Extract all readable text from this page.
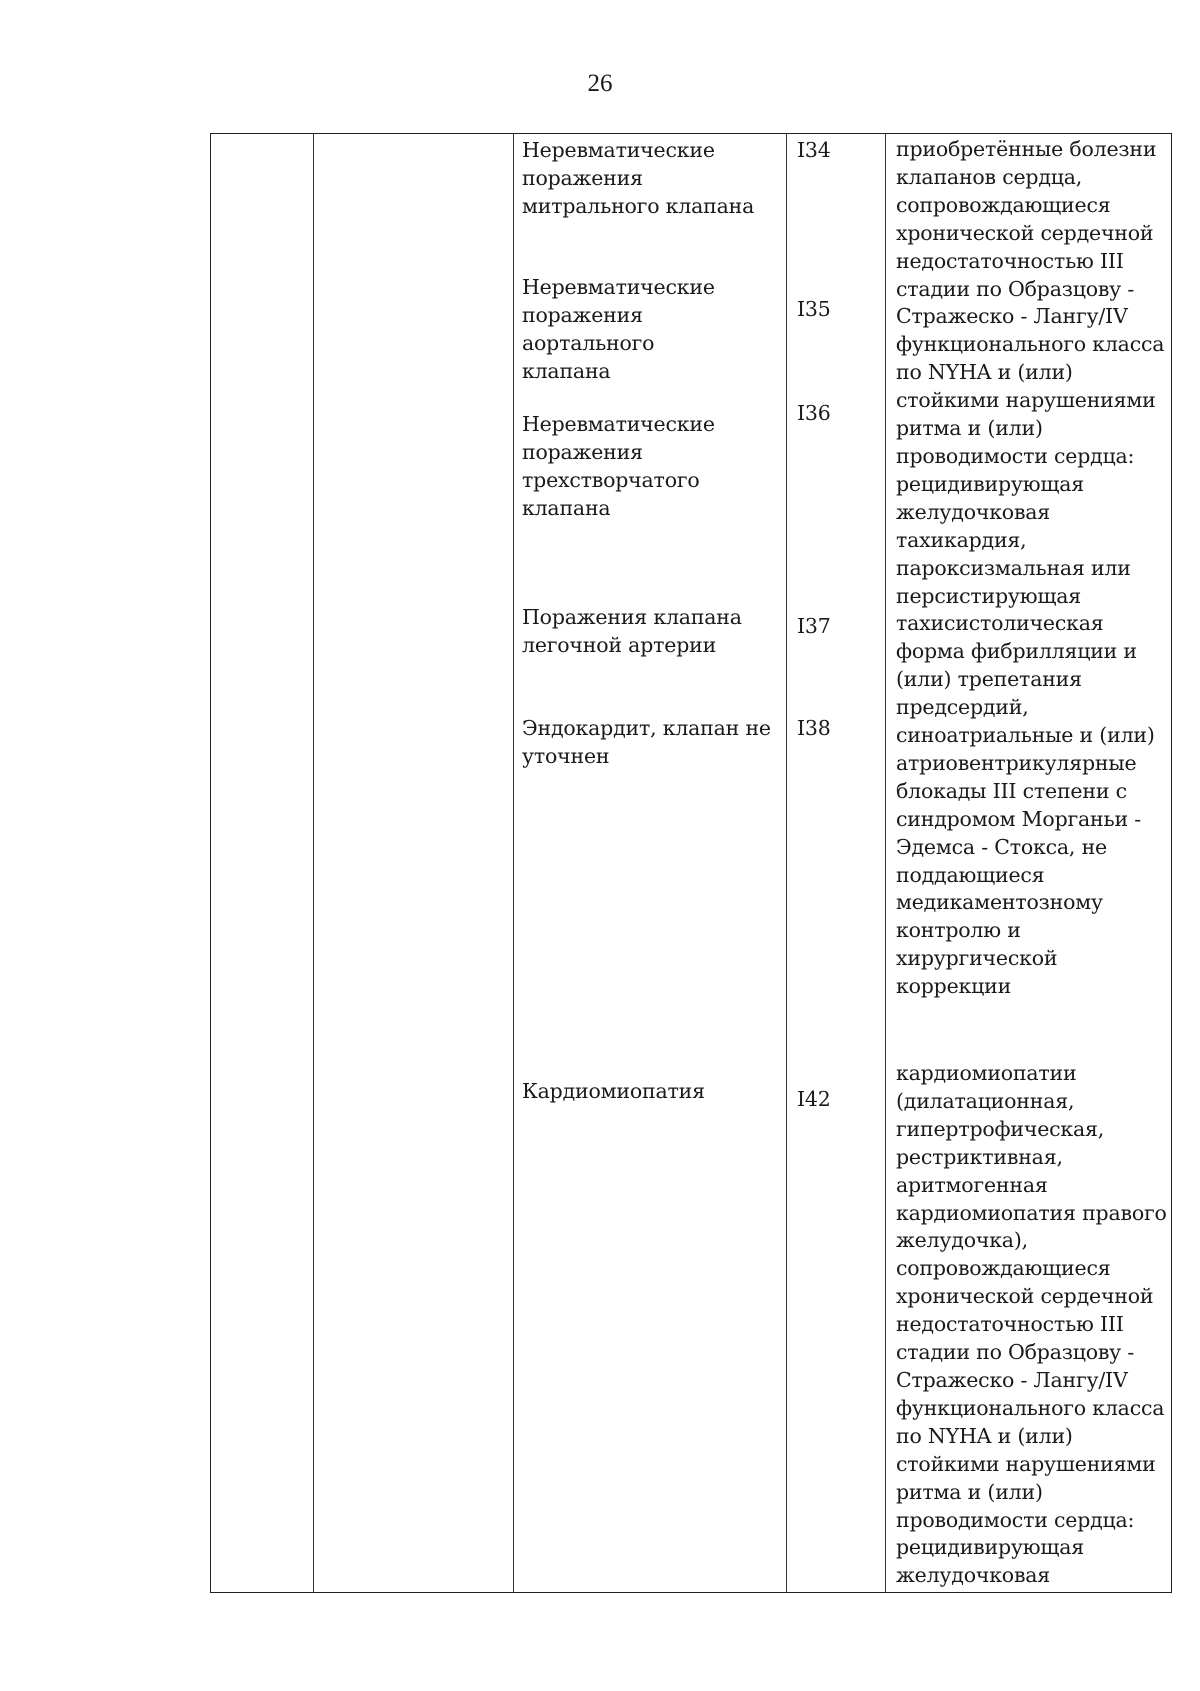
26
Неревматические
поражения
митрального клапана
Неревматические
поражения аортального
клапана
Неревматические
поражения
трехстворчатого
клапана
Поражения клапана
легочной артерии
Эндокардит, клапан не
уточнен
Кардиомиопатия
I34
I35
I36
I37
I38
I42
приобретённые болезни
клапанов сердца,
сопровождающиеся
хронической сердечной
недостаточностью III
стадии по Образцову -
Стражеско - Лангу/IV
функционального класса
по NYHA и (или)
стойкими нарушениями
ритма и (или)
проводимости сердца:
рецидивирующая
желудочковая
тахикардия,
пароксизмальная или
персистирующая
тахисистолическая
форма фибрилляции и
(или) трепетания
предсердий,
синоатриальные и (или)
атриовентрикулярные
блокады III степени с
синдромом Морганьи -
Эдемса - Стокса, не
поддающиеся
медикаментозному
контролю и
хирургической
коррекции
кардиомиопатии
(дилатационная,
гипертрофическая,
рестриктивная,
аритмогенная
кардиомиопатия правого
желудочка),
сопровождающиеся
хронической сердечной
недостаточностью III
стадии по Образцову -
Стражеско - Лангу/IV
функционального класса
по NYHA и (или)
стойкими нарушениями
ритма и (или)
проводимости сердца:
рецидивирующая
желудочковая
